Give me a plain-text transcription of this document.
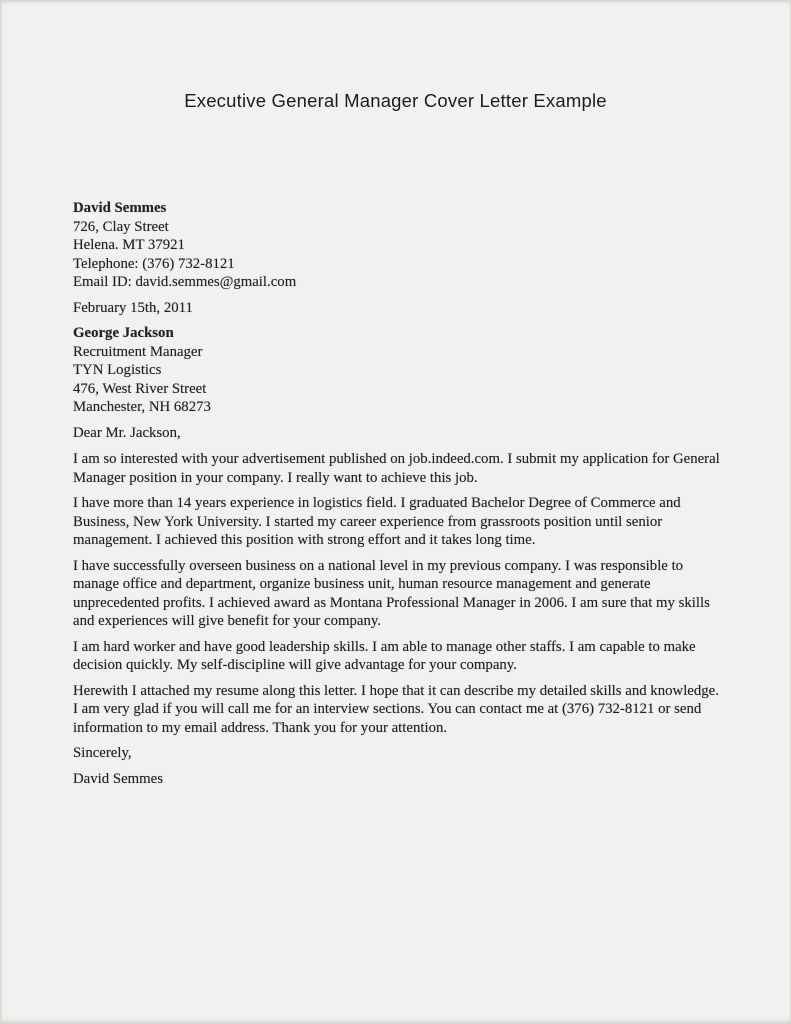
Executive General Manager Cover Letter Example
David Semmes
726, Clay Street
Helena. MT 37921
Telephone: (376) 732-8121
Email ID: david.semmes@gmail.com
February 15th, 2011
George Jackson
Recruitment Manager
TYN Logistics
476, West River Street
Manchester, NH 68273
Dear Mr. Jackson,

I am so interested with your advertisement published on job.indeed.com. I submit my application for General Manager position in your company. I really want to achieve this job.

I have more than 14 years experience in logistics field. I graduated Bachelor Degree of Commerce and Business, New York University. I started my career experience from grassroots position until senior management. I achieved this position with strong effort and it takes long time.

I have successfully overseen business on a national level in my previous company. I was responsible to manage office and department, organize business unit, human resource management and generate unprecedented profits. I achieved award as Montana Professional Manager in 2006. I am sure that my skills and experiences will give benefit for your company.

I am hard worker and have good leadership skills. I am able to manage other staffs. I am capable to make decision quickly. My self-discipline will give advantage for your company.

Herewith I attached my resume along this letter. I hope that it can describe my detailed skills and knowledge. I am very glad if you will call me for an interview sections. You can contact me at (376) 732-8121 or send information to my email address. Thank you for your attention.

Sincerely,
David Semmes
